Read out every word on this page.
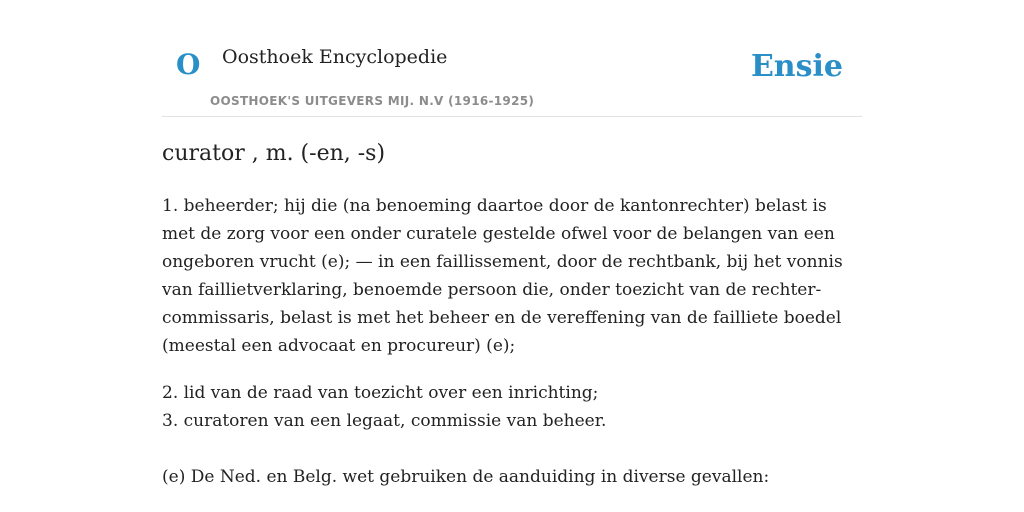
O Oosthoek Encyclopedie
OOSTHOEK'S UITGEVERS MIJ. N.V (1916-1925)
Ensie
curator , m. (-en, -s)

1. beheerder; hij die (na benoeming daartoe door de kantonrechter) belast is met de zorg voor een onder curatele gestelde ofwel voor de belangen van een ongeboren vrucht (e); — in een faillissement, door de rechtbank, bij het vonnis van faillietverklaring, benoemde persoon die, onder toezicht van de rechter-commissaris, belast is met het beheer en de vereffening van de failliete boedel (meestal een advocaat en procureur) (e);

2. lid van de raad van toezicht over een inrichting;

3. curatoren van een legaat, commissie van beheer.

(e) De Ned. en Belg. wet gebruiken de aanduiding in diverse gevallen:
